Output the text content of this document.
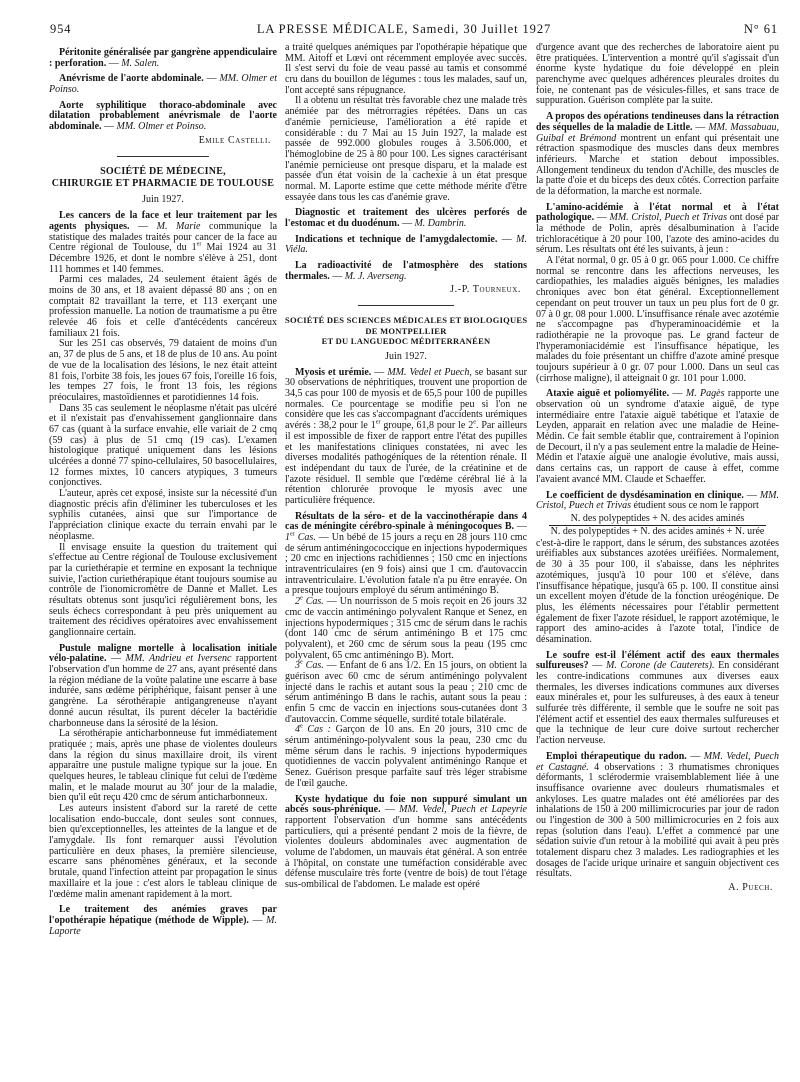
954	LA PRESSE MÉDICALE, Samedi, 30 Juillet 1927	N° 61

Péritonite généralisée par gangrène appendiculaire : perforation. — M. Salen.

Anévrisme de l'aorte abdominale. — MM. Olmer et Poinso.

Aorte syphilitique thoraco-abdominale avec dilatation probablement anévrismale de l'aorte abdominale. — MM. Olmer et Poinso.

Emile Castelli.
SOCIÉTÉ DE MÉDECINE,
CHIRURGIE ET PHARMACIE DE TOULOUSE
Juin 1927.

Les cancers de la face et leur traitement par les agents physiques. — M. Marie communique la statistique des malades traités pour cancer de la face au Centre régional de Toulouse, du 1er Mai 1924 au 31 Décembre 1926, et dont le nombre s'élève à 251, dont 111 hommes et 140 femmes.

Parmi ces malades, 24 seulement étaient âgés de moins de 30 ans, et 18 avaient dépassé 80 ans ; on en comptait 82 travaillant la terre, et 113 exerçant une profession manuelle. La notion de traumatisme a pu être relevée 46 fois et celle d'antécédents cancéreux familiaux 21 fois.

Sur les 251 cas observés, 79 dataient de moins d'un an, 37 de plus de 5 ans, et 18 de plus de 10 ans. Au point de vue de la localisation des lésions, le nez était atteint 81 fois, l'orbite 38 fois, les joues 67 fois, l'oreille 16 fois, les tempes 27 fois, le front 13 fois, les régions préoculaires, mastoïdiennes et parotidiennes 14 fois.

Dans 35 cas seulement le néoplasme n'était pas ulcéré et il n'existait pas d'envahissement ganglionnaire dans 67 cas (quant à la surface envahie, elle variait de 2 cmq (59 cas) à plus de 51 cmq (19 cas). L'examen histologique pratiqué uniquement dans les lésions ulcérées a donné 77 spino-cellulaires, 50 basocellulaires, 12 formes mixtes, 10 cancers atypiques, 3 tumeurs conjonctives.

L'auteur, après cet exposé, insiste sur la nécessité d'un diagnostic précis afin d'éliminer les tuberculoses et les syphilis cutanées, ainsi que sur l'importance de l'appréciation clinique exacte du terrain envahi par le néoplasme.

Il envisage ensuite la question du traitement qui s'effectue au Centre régional de Toulouse exclusivement par la curiethérapie et termine en exposant la technique suivie, l'action curiethérapique étant toujours soumise au contrôle de l'ionomicromètre de Danne et Mallet. Les résultats obtenus sont jusqu'ici régulièrement bons, les seuls échecs correspondant à peu près uniquement au traitement des récidives opératoires avec envahissement ganglionnaire certain.

Pustule maligne mortelle à localisation initiale vélo-palatine. — MM. Andrieu et Iversenc rapportent l'observation d'un homme de 27 ans, ayant présenté dans la région médiane de la voûte palatine une escarre à base indurée, sans œdème périphérique, faisant penser à une gangrène. La sérothérapie antigangreneuse n'ayant donné aucun résultat, ils purent déceler la bactéridie charbonneuse dans la sérosité de la lésion.

La sérothérapie anticharbonneuse fut immédiatement pratiquée ; mais, après une phase de violentes douleurs dans la région du sinus maxillaire droit, ils virent apparaître une pustule maligne typique sur la joue. En quelques heures, le tableau clinique fut celui de l'œdème malin, et le malade mourut au 30e jour de la maladie, bien qu'il eût reçu 420 cmc de sérum anticharbonneux.

Les auteurs insistent d'abord sur la rareté de cette localisation endo-buccale, dont seules sont connues, bien qu'exceptionnelles, les atteintes de la langue et de l'amygdale. Ils font remarquer aussi l'évolution particulière en deux phases, la première silencieuse, escarre sans phénomènes généraux, et la seconde brutale, quand l'infection atteint par propagation le sinus maxillaire et la joue : c'est alors le tableau clinique de l'œdème malin amenant rapidement à la mort.

Le traitement des anémies graves par l'opothérapie hépatique (méthode de Wipple). — M. Laporte

a traité quelques anémiques par l'opothérapie hépatique que MM. Aitoff et Lœvi ont récemment employée avec succès. Il s'est servi du foie de veau passé au tamis et consommé cru dans du bouillon de légumes : tous les malades, sauf un, l'ont accepté sans répugnance.

Il a obtenu un résultat très favorable chez une malade très anémiée par des métrorragies répétées. Dans un cas d'anémie pernicieuse, l'amélioration a été rapide et considérable : du 7 Mai au 15 Juin 1927, la malade est passée de 992.000 globules rouges à 3.506.000, et l'hémoglobine de 25 à 80 pour 100. Les signes caractérisant l'anémie pernicieuse ont presque disparu, et la malade est passée d'un état voisin de la cachexie à un état presque normal. M. Laporte estime que cette méthode mérite d'être essayée dans tous les cas d'anémie grave.

Diagnostic et traitement des ulcères perforés de l'estomac et du duodénum. — M. Dambrin.

Indications et technique de l'amygdalectomie. — M. Viéla.

La radioactivité de l'atmosphère des stations thermales. — M. J. Averseng.

J.-P. Tourneux.
SOCIÉTÉ DES SCIENCES MÉDICALES ET BIOLOGIQUES
DE MONTPELLIER
ET DU LANGUEDOC MÉDITERRANÉEN
Juin 1927.

Myosis et urémie. — MM. Vedel et Puech, se basant sur 30 observations de néphritiques, trouvent une proportion de 34,5 cas pour 100 de myosis et de 65,5 pour 100 de pupilles normales. Ce pourcentage se modifie peu si l'on ne considère que les cas s'accompagnant d'accidents urémiques avérés : 38,2 pour le 1er groupe, 61,8 pour le 2e. Par ailleurs il est impossible de fixer de rapport entre l'état des pupilles et les manifestations cliniques constatées, ni avec les diverses modalités pathogéniques de la rétention rénale. Il est indépendant du taux de l'urée, de la créatinine et de l'azote résiduel. Il semble que l'œdème cérébral lié à la rétention chlorurée provoque le myosis avec une particulière fréquence.

Résultats de la séro- et de la vaccinothérapie dans 4 cas de méningite cérébro-spinale à méningocoques B. — 1er Cas. — Un bébé de 15 jours a reçu en 28 jours 110 cmc de sérum antiméningococcique en injections hypodermiques ; 20 cmc en injections rachidiennes ; 150 cmc en injections intraventriculaires (en 9 fois) ainsi que 1 cm. d'autovaccin intraventriculaire. L'évolution fatale n'a pu être enrayée. On a presque toujours employé du sérum antiméningo B.

2e Cas. — Un nourrisson de 5 mois reçoit en 26 jours 32 cmc de vaccin antiméningo polyvalent Ranque et Senez, en injections hypodermiques ; 315 cmc de sérum dans le rachis (dont 140 cmc de sérum antiméningo B et 175 cmc polyvalent), et 260 cmc de sérum sous la peau (195 cmc polyvalent, 65 cmc antiméningo B). Mort.

3e Cas. — Enfant de 6 ans 1/2. En 15 jours, on obtient la guérison avec 60 cmc de sérum antiméningo polyvalent injecté dans le rachis et autant sous la peau ; 210 cmc de sérum antiméningo B dans le rachis, autant sous la peau : enfin 5 cmc de vaccin en injections sous-cutanées dont 3 d'autovaccin. Comme séquelle, surdité totale bilatérale.

4e Cas : Garçon de 10 ans. En 20 jours, 310 cmc de sérum antiméningo-polyvalent sous la peau, 230 cmc du même sérum dans le rachis. 9 injections hypodermiques quotidiennes de vaccin polyvalent antiméningo Ranque et Senez. Guérison presque parfaite sauf très léger strabisme de l'œil gauche.

Kyste hydatique du foie non suppuré simulant un abcès sous-phrénique. — MM. Vedel, Puech et Lapeyrie rapportent l'observation d'un homme sans antécédents particuliers, qui a présenté pendant 2 mois de la fièvre, de violentes douleurs abdominales avec augmentation de volume de l'abdomen, un mauvais état général. A son entrée à l'hôpital, on constate une tuméfaction considérable avec défense musculaire très forte (ventre de bois) de tout l'étage sus-ombilical de l'abdomen. Le malade est opéré

d'urgence avant que des recherches de laboratoire aient pu être pratiquées. L'intervention a montré qu'il s'agissait d'un énorme kyste hydatique du foie développé en plein parenchyme avec quelques adhérences pleurales droites du foie, ne contenant pas de vésicules-filles, et sans trace de suppuration. Guérison complète par la suite.

A propos des opérations tendineuses dans la rétraction des séquelles de la maladie de Little. — MM. Massabuau, Guibal et Brémond montrent un enfant qui présentait une rétraction spasmodique des muscles dans deux membres inférieurs. Marche et station debout impossibles. Allongement tendineux du tendon d'Achille, des muscles de la patte d'oie et du biceps des deux côtés. Correction parfaite de la déformation, la marche est normale.

L'amino-acidémie à l'état normal et à l'état pathologique. — MM. Cristol, Puech et Trivas ont dosé par la méthode de Polin, après désalbumination à l'acide trichloracétique à 20 pour 100, l'azote des amino-acides du sérum. Les résultats ont été les suivants, à jeun :

A l'état normal, 0 gr. 05 à 0 gr. 065 pour 1.000. Ce chiffre normal se rencontre dans les affections nerveuses, les cardiopathies, les maladies aiguës bénignes, les maladies chroniques avec bon état général. Exceptionnellement cependant on peut trouver un taux un peu plus fort de 0 gr. 07 à 0 gr. 08 pour 1.000. L'insuffisance rénale avec azotémie ne s'accompagne pas d'hyperaminoacidémie et la radiothérapie ne la provoque pas. Le grand facteur de l'hyperamoniacidémie est l'insuffisance hépatique, les malades du foie présentant un chiffre d'azote aminé presque toujours supérieur à 0 gr. 07 pour 1.000. Dans un seul cas (cirrhose maligne), il atteignait 0 gr. 101 pour 1.000.

Ataxie aiguë et poliomyélite. — M. Pagès rapporte une observation où un syndrome d'ataxie aiguë, de type intermédiaire entre l'ataxie aiguë tabétique et l'ataxie de Leyden, apparait en relation avec une maladie de Heine-Médin. Ce fait semble établir que, contrairement à l'opinion de Decourt, il n'y a pas seulement entre la maladie de Heine-Médin et l'ataxie aiguë une analogie évolutive, mais aussi, dans certains cas, un rapport de cause à effet, comme l'avaient avancé MM. Claude et Schaeffer.

Le coefficient de dysdésamination en clinique. — MM. Cristol, Puech et Trivas étudient sous ce nom le rapport

$\frac{\text{N. des polypeptides + N. des acides aminés}}{\text{N. des polypeptides + N. des acides aminés + N. urée}}$

c'est-à-dire le rapport, dans le sérum, des substances azotées uréifiables aux substances azotées uréifiées. Normalement, de 30 à 35 pour 100, il s'abaisse, dans les néphrites azotémiques, jusqu'à 10 pour 100 et s'élève, dans l'insuffisance hépatique, jusqu'à 65 p. 100. Il constitue ainsi un excellent moyen d'étude de la fonction uréogénique. De plus, les éléments nécessaires pour l'établir permettent également de fixer l'azote résiduel, le rapport azotémique, le rapport des amino-acides à l'azote total, l'indice de désamination.

Le soufre est-il l'élément actif des eaux thermales sulfureuses? — M. Corone (de Cauterets). En considérant les contre-indications communes aux diverses eaux thermales, les diverses indications communes aux diverses eaux minérales et, pour les sulfureuses, à des eaux à teneur sulfurée très différente, il semble que le soufre ne soit pas l'élément actif et essentiel des eaux thermales sulfureuses et que la technique de leur cure doive surtout rechercher l'action nerveuse.

Emploi thérapeutique du radon. — MM. Vedel, Puech et Castagné. 4 observations : 3 rhumatismes chroniques déformants, 1 sclérodermie vraisemblablement liée à une insuffisance ovarienne avec douleurs rhumatismales et ankyloses. Les quatre malades ont été améliorées par des inhalations de 150 à 200 millimicrocuries par jour de radon ou l'ingestion de 300 à 500 millimicrocuries en 2 fois aux repas (solution dans l'eau). L'effet a commencé par une sédation suivie d'un retour à la mobilité qui avait à peu près totalement disparu chez 3 malades. Les radiographies et les dosages de l'acide urique urinaire et sanguin objectivent ces résultats.

A. Puech.
